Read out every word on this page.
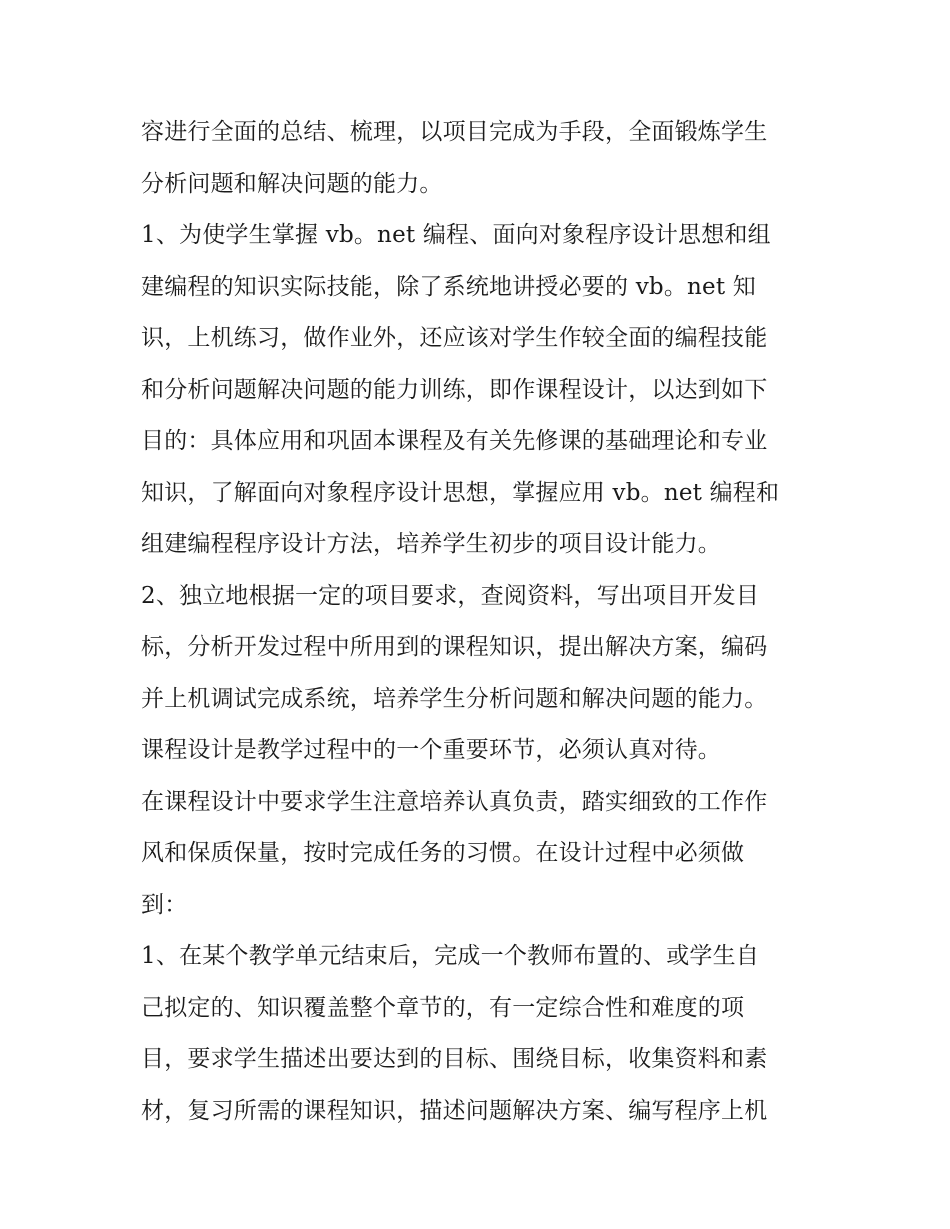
容进行全面的总结、梳理，以项目完成为手段，全面锻炼学生
分析问题和解决问题的能力。
1、为使学生掌握 vb。net 编程、面向对象程序设计思想和组
建编程的知识实际技能，除了系统地讲授必要的 vb。net 知
识，上机练习，做作业外，还应该对学生作较全面的编程技能
和分析问题解决问题的能力训练，即作课程设计，以达到如下
目的：具体应用和巩固本课程及有关先修课的基础理论和专业
知识，了解面向对象程序设计思想，掌握应用 vb。net 编程和
组建编程程序设计方法，培养学生初步的项目设计能力。
2、独立地根据一定的项目要求，查阅资料，写出项目开发目
标，分析开发过程中所用到的课程知识，提出解决方案，编码
并上机调试完成系统，培养学生分析问题和解决问题的能力。
课程设计是教学过程中的一个重要环节，必须认真对待。
在课程设计中要求学生注意培养认真负责，踏实细致的工作作
风和保质保量，按时完成任务的习惯。在设计过程中必须做
到：
1、在某个教学单元结束后，完成一个教师布置的、或学生自
己拟定的、知识覆盖整个章节的，有一定综合性和难度的项
目，要求学生描述出要达到的目标、围绕目标，收集资料和素
材，复习所需的课程知识，描述问题解决方案、编写程序上机
